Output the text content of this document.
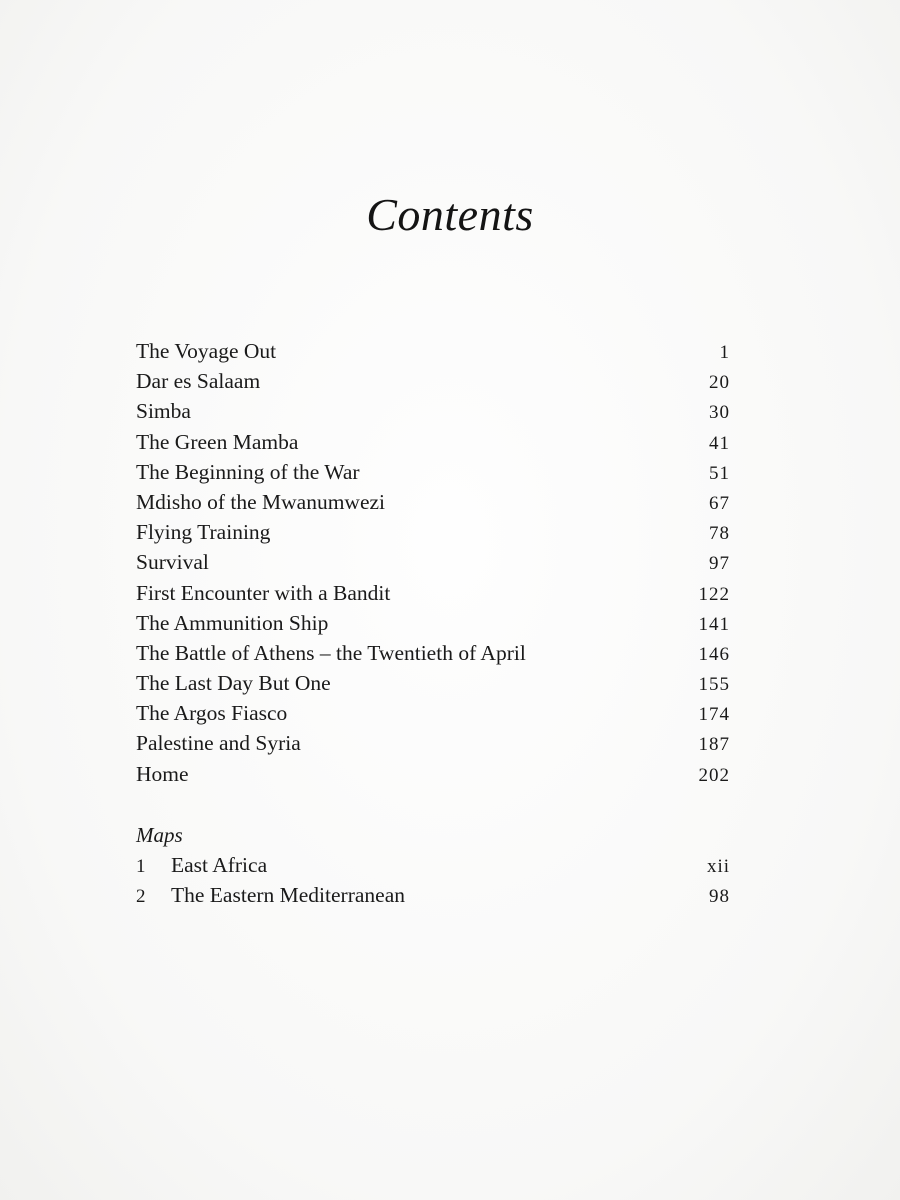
Contents
The Voyage Out	1
Dar es Salaam	20
Simba	30
The Green Mamba	41
The Beginning of the War	51
Mdisho of the Mwanumwezi	67
Flying Training	78
Survival	97
First Encounter with a Bandit	122
The Ammunition Ship	141
The Battle of Athens – the Twentieth of April	146
The Last Day But One	155
The Argos Fiasco	174
Palestine and Syria	187
Home	202
Maps
1	East Africa	xii
2	The Eastern Mediterranean	98
